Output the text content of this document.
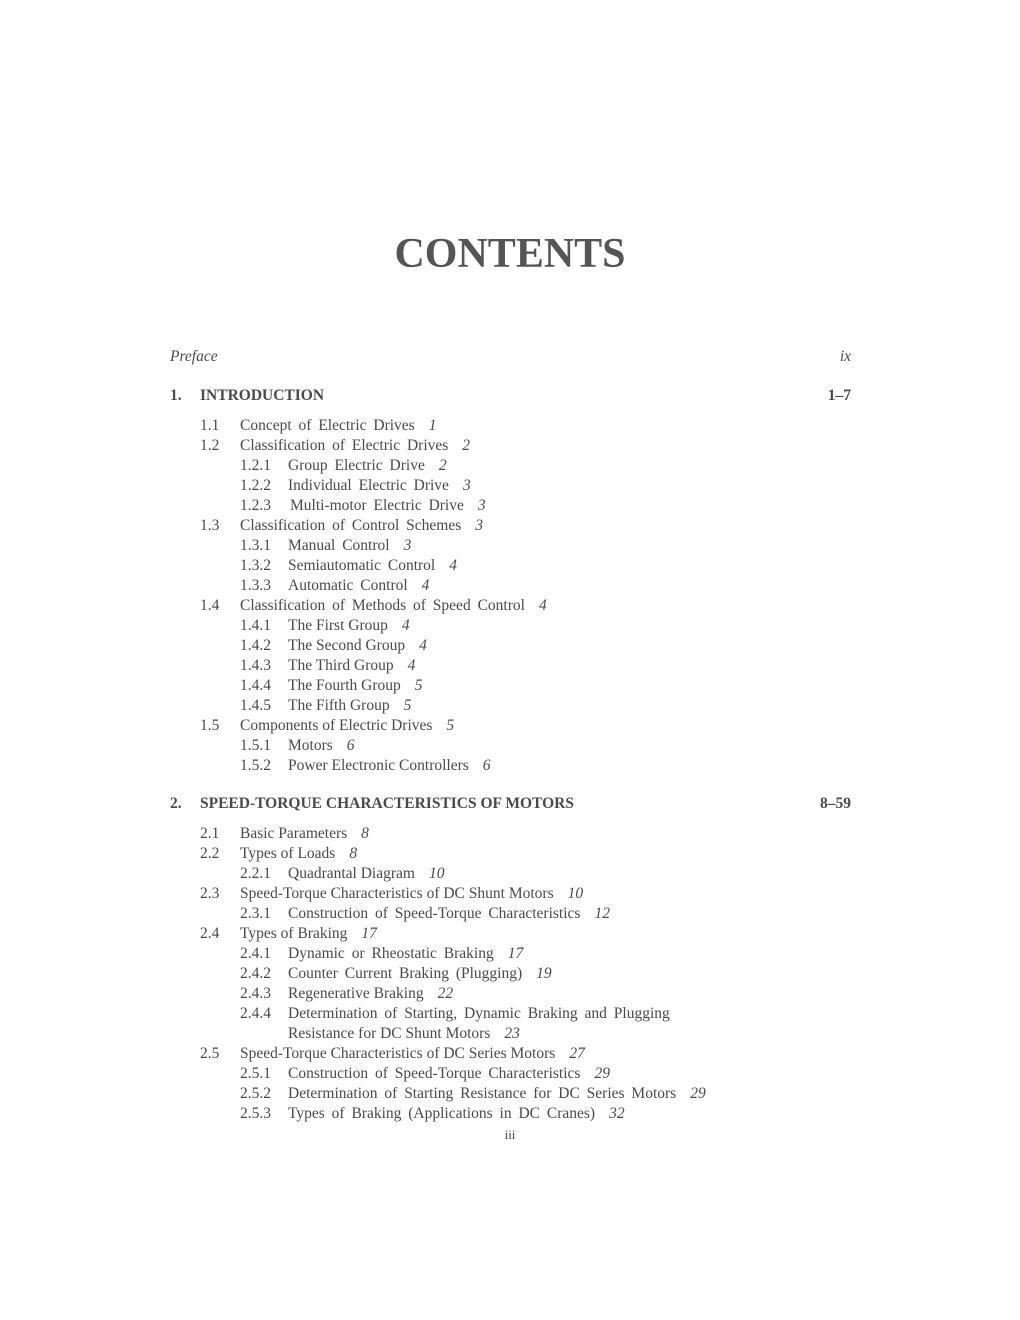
CONTENTS
Preface	ix
1. INTRODUCTION	1–7
1.1 Concept of Electric Drives 1
1.2 Classification of Electric Drives 2
1.2.1 Group Electric Drive 2
1.2.2 Individual Electric Drive 3
1.2.3 Multi-motor Electric Drive 3
1.3 Classification of Control Schemes 3
1.3.1 Manual Control 3
1.3.2 Semiautomatic Control 4
1.3.3 Automatic Control 4
1.4 Classification of Methods of Speed Control 4
1.4.1 The First Group 4
1.4.2 The Second Group 4
1.4.3 The Third Group 4
1.4.4 The Fourth Group 5
1.4.5 The Fifth Group 5
1.5 Components of Electric Drives 5
1.5.1 Motors 6
1.5.2 Power Electronic Controllers 6
2. SPEED-TORQUE CHARACTERISTICS OF MOTORS	8–59
2.1 Basic Parameters 8
2.2 Types of Loads 8
2.2.1 Quadrantal Diagram 10
2.3 Speed-Torque Characteristics of DC Shunt Motors 10
2.3.1 Construction of Speed-Torque Characteristics 12
2.4 Types of Braking 17
2.4.1 Dynamic or Rheostatic Braking 17
2.4.2 Counter Current Braking (Plugging) 19
2.4.3 Regenerative Braking 22
2.4.4 Determination of Starting, Dynamic Braking and Plugging
Resistance for DC Shunt Motors 23
2.5 Speed-Torque Characteristics of DC Series Motors 27
2.5.1 Construction of Speed-Torque Characteristics 29
2.5.2 Determination of Starting Resistance for DC Series Motors 29
2.5.3 Types of Braking (Applications in DC Cranes) 32
iii
